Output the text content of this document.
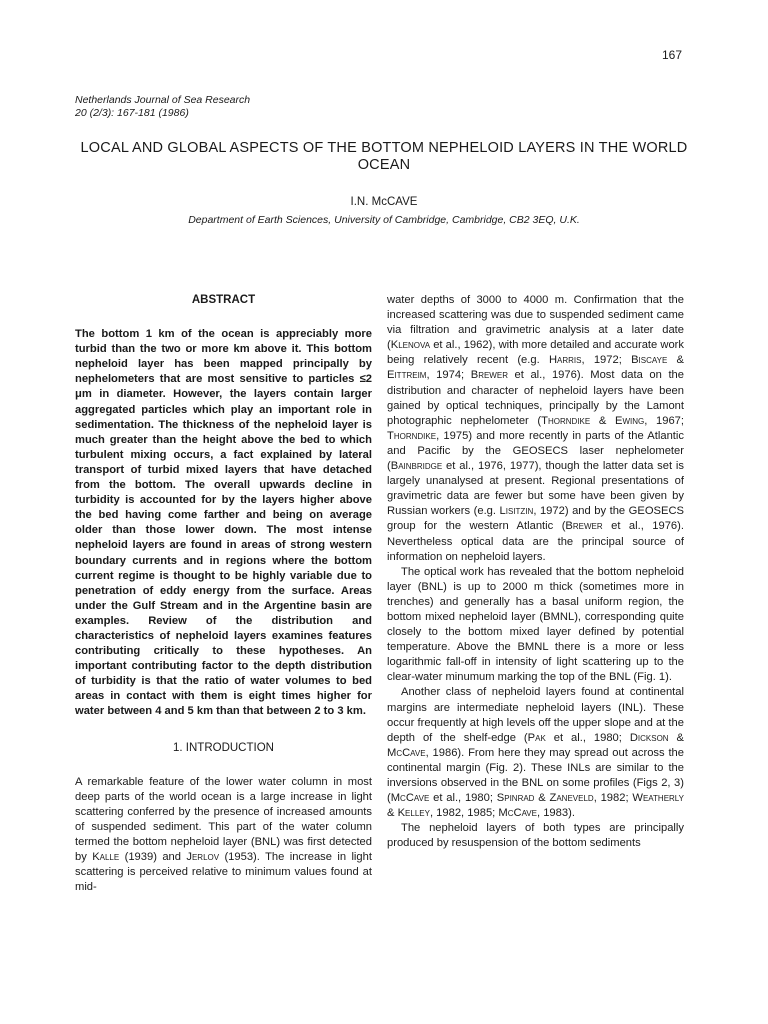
167
Netherlands Journal of Sea Research
20 (2/3): 167-181 (1986)
LOCAL AND GLOBAL ASPECTS OF THE BOTTOM NEPHELOID LAYERS IN THE WORLD OCEAN
I.N. McCAVE
Department of Earth Sciences, University of Cambridge, Cambridge, CB2 3EQ, U.K.
ABSTRACT

The bottom 1 km of the ocean is appreciably more turbid than the two or more km above it. This bottom nepheloid layer has been mapped principally by nephelometers that are most sensitive to particles ≤2 μm in diameter. However, the layers contain larger aggregated particles which play an important role in sedimentation. The thickness of the nepheloid layer is much greater than the height above the bed to which turbulent mixing occurs, a fact explained by lateral transport of turbid mixed layers that have detached from the bottom. The overall upwards decline in turbidity is accounted for by the layers higher above the bed having come farther and being on average older than those lower down. The most intense nepheloid layers are found in areas of strong western boundary currents and in regions where the bottom current regime is thought to be highly variable due to penetration of eddy energy from the surface. Areas under the Gulf Stream and in the Argentine basin are examples. Review of the distribution and characteristics of nepheloid layers examines features contributing critically to these hypotheses. An important contributing factor to the depth distribution of turbidity is that the ratio of water volumes to bed areas in contact with them is eight times higher for water between 4 and 5 km than that between 2 to 3 km.

1. INTRODUCTION

A remarkable feature of the lower water column in most deep parts of the world ocean is a large increase in light scattering conferred by the presence of increased amounts of suspended sediment. This part of the water column termed the bottom nepheloid layer (BNL) was first detected by Kalle (1939) and Jerlov (1953). The increase in light scattering is perceived relative to minimum values found at mid-

water depths of 3000 to 4000 m. Confirmation that the increased scattering was due to suspended sediment came via filtration and gravimetric analysis at a later date (Klenova et al., 1962), with more detailed and accurate work being relatively recent (e.g. Harris, 1972; Biscaye & Eittreim, 1974; Brewer et al., 1976). Most data on the distribution and character of nepheloid layers have been gained by optical techniques, principally by the Lamont photographic nephelometer (Thorndike & Ewing, 1967; Thorndike, 1975) and more recently in parts of the Atlantic and Pacific by the GEOSECS laser nephelometer (Bainbridge et al., 1976, 1977), though the latter data set is largely unanalysed at present. Regional presentations of gravimetric data are fewer but some have been given by Russian workers (e.g. Lisitzin, 1972) and by the GEOSECS group for the western Atlantic (Brewer et al., 1976). Nevertheless optical data are the principal source of information on nepheloid layers.

The optical work has revealed that the bottom nepheloid layer (BNL) is up to 2000 m thick (sometimes more in trenches) and generally has a basal uniform region, the bottom mixed nepheloid layer (BMNL), corresponding quite closely to the bottom mixed layer defined by potential temperature. Above the BMNL there is a more or less logarithmic fall-off in intensity of light scattering up to the clear-water minumum marking the top of the BNL (Fig. 1).

Another class of nepheloid layers found at continental margins are intermediate nepheloid layers (INL). These occur frequently at high levels off the upper slope and at the depth of the shelf-edge (Pak et al., 1980; Dickson & McCave, 1986). From here they may spread out across the continental margin (Fig. 2). These INLs are similar to the inversions observed in the BNL on some profiles (Figs 2, 3) (McCave et al., 1980; Spinrad & Zaneveld, 1982; Weatherly & Kelley, 1982, 1985; McCave, 1983).

The nepheloid layers of both types are principally produced by resuspension of the bottom sediments
